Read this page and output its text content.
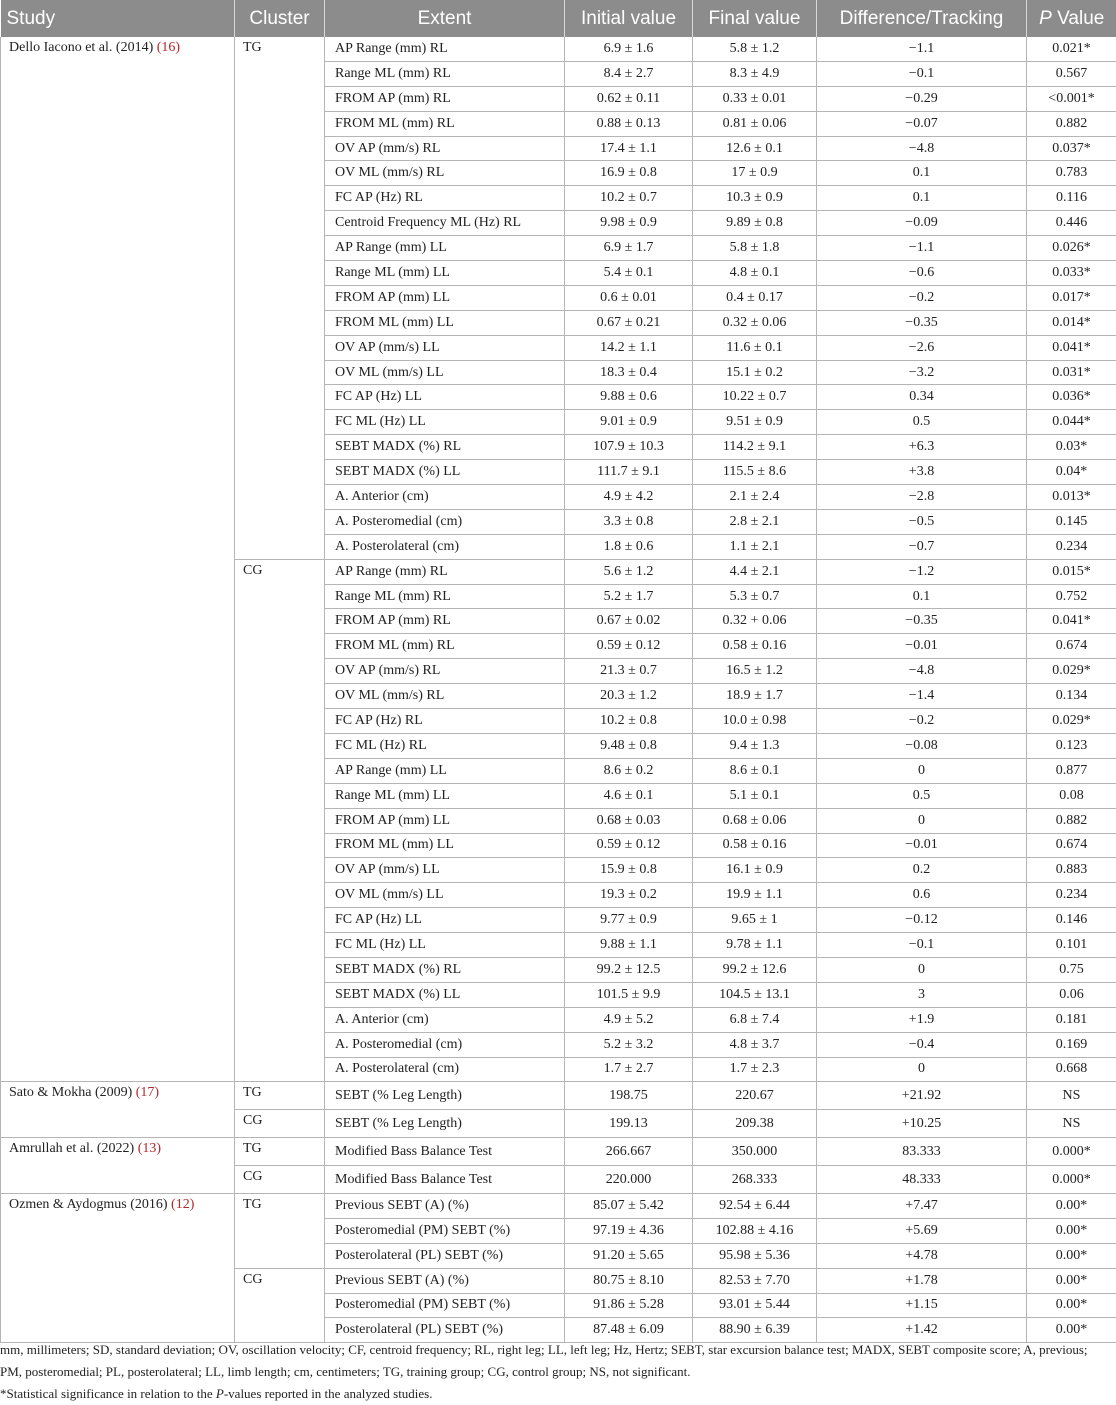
Study	Cluster	Extent	Initial value	Final value	Difference/Tracking	P Value
Dello Iacono et al. (2014) (16)	TG	AP Range (mm) RL	6.9 ± 1.6	5.8 ± 1.2	−1.1	0.021*
		Range ML (mm) RL	8.4 ± 2.7	8.3 ± 4.9	−0.1	0.567
		FROM AP (mm) RL	0.62 ± 0.11	0.33 ± 0.01	−0.29	<0.001*
		FROM ML (mm) RL	0.88 ± 0.13	0.81 ± 0.06	−0.07	0.882
		OV AP (mm/s) RL	17.4 ± 1.1	12.6 ± 0.1	−4.8	0.037*
		OV ML (mm/s) RL	16.9 ± 0.8	17 ± 0.9	0.1	0.783
		FC AP (Hz) RL	10.2 ± 0.7	10.3 ± 0.9	0.1	0.116
		Centroid Frequency ML (Hz) RL	9.98 ± 0.9	9.89 ± 0.8	−0.09	0.446
		AP Range (mm) LL	6.9 ± 1.7	5.8 ± 1.8	−1.1	0.026*
		Range ML (mm) LL	5.4 ± 0.1	4.8 ± 0.1	−0.6	0.033*
		FROM AP (mm) LL	0.6 ± 0.01	0.4 ± 0.17	−0.2	0.017*
		FROM ML (mm) LL	0.67 ± 0.21	0.32 ± 0.06	−0.35	0.014*
		OV AP (mm/s) LL	14.2 ± 1.1	11.6 ± 0.1	−2.6	0.041*
		OV ML (mm/s) LL	18.3 ± 0.4	15.1 ± 0.2	−3.2	0.031*
		FC AP (Hz) LL	9.88 ± 0.6	10.22 ± 0.7	0.34	0.036*
		FC ML (Hz) LL	9.01 ± 0.9	9.51 ± 0.9	0.5	0.044*
		SEBT MADX (%) RL	107.9 ± 10.3	114.2 ± 9.1	+6.3	0.03*
		SEBT MADX (%) LL	111.7 ± 9.1	115.5 ± 8.6	+3.8	0.04*
		A. Anterior (cm)	4.9 ± 4.2	2.1 ± 2.4	−2.8	0.013*
		A. Posteromedial (cm)	3.3 ± 0.8	2.8 ± 2.1	−0.5	0.145
		A. Posterolateral (cm)	1.8 ± 0.6	1.1 ± 2.1	−0.7	0.234
	CG	AP Range (mm) RL	5.6 ± 1.2	4.4 ± 2.1	−1.2	0.015*
		Range ML (mm) RL	5.2 ± 1.7	5.3 ± 0.7	0.1	0.752
		FROM AP (mm) RL	0.67 ± 0.02	0.32 + 0.06	−0.35	0.041*
		FROM ML (mm) RL	0.59 ± 0.12	0.58 ± 0.16	−0.01	0.674
		OV AP (mm/s) RL	21.3 ± 0.7	16.5 ± 1.2	−4.8	0.029*
		OV ML (mm/s) RL	20.3 ± 1.2	18.9 ± 1.7	−1.4	0.134
		FC AP (Hz) RL	10.2 ± 0.8	10.0 ± 0.98	−0.2	0.029*
		FC ML (Hz) RL	9.48 ± 0.8	9.4 ± 1.3	−0.08	0.123
		AP Range (mm) LL	8.6 ± 0.2	8.6 ± 0.1	0	0.877
		Range ML (mm) LL	4.6 ± 0.1	5.1 ± 0.1	0.5	0.08
		FROM AP (mm) LL	0.68 ± 0.03	0.68 ± 0.06	0	0.882
		FROM ML (mm) LL	0.59 ± 0.12	0.58 ± 0.16	−0.01	0.674
		OV AP (mm/s) LL	15.9 ± 0.8	16.1 ± 0.9	0.2	0.883
		OV ML (mm/s) LL	19.3 ± 0.2	19.9 ± 1.1	0.6	0.234
		FC AP (Hz) LL	9.77 ± 0.9	9.65 ± 1	−0.12	0.146
		FC ML (Hz) LL	9.88 ± 1.1	9.78 ± 1.1	−0.1	0.101
		SEBT MADX (%) RL	99.2 ± 12.5	99.2 ± 12.6	0	0.75
		SEBT MADX (%) LL	101.5 ± 9.9	104.5 ± 13.1	3	0.06
		A. Anterior (cm)	4.9 ± 5.2	6.8 ± 7.4	+1.9	0.181
		A. Posteromedial (cm)	5.2 ± 3.2	4.8 ± 3.7	−0.4	0.169
		A. Posterolateral (cm)	1.7 ± 2.7	1.7 ± 2.3	0	0.668
Sato & Mokha (2009) (17)	TG	SEBT (% Leg Length)	198.75	220.67	+21.92	NS
	CG	SEBT (% Leg Length)	199.13	209.38	+10.25	NS
Amrullah et al. (2022) (13)	TG	Modified Bass Balance Test	266.667	350.000	83.333	0.000*
	CG	Modified Bass Balance Test	220.000	268.333	48.333	0.000*
Ozmen & Aydogmus (2016) (12)	TG	Previous SEBT (A) (%)	85.07 ± 5.42	92.54 ± 6.44	+7.47	0.00*
		Posteromedial (PM) SEBT (%)	97.19 ± 4.36	102.88 ± 4.16	+5.69	0.00*
		Posterolateral (PL) SEBT (%)	91.20 ± 5.65	95.98 ± 5.36	+4.78	0.00*
	CG	Previous SEBT (A) (%)	80.75 ± 8.10	82.53 ± 7.70	+1.78	0.00*
		Posteromedial (PM) SEBT (%)	91.86 ± 5.28	93.01 ± 5.44	+1.15	0.00*
		Posterolateral (PL) SEBT (%)	87.48 ± 6.09	88.90 ± 6.39	+1.42	0.00*

mm, millimeters; SD, standard deviation; OV, oscillation velocity; CF, centroid frequency; RL, right leg; LL, left leg; Hz, Hertz; SEBT, star excursion balance test; MADX, SEBT composite score; A, previous; PM, posteromedial; PL, posterolateral; LL, limb length; cm, centimeters; TG, training group; CG, control group; NS, not significant.

*Statistical significance in relation to the P-values reported in the analyzed studies.
